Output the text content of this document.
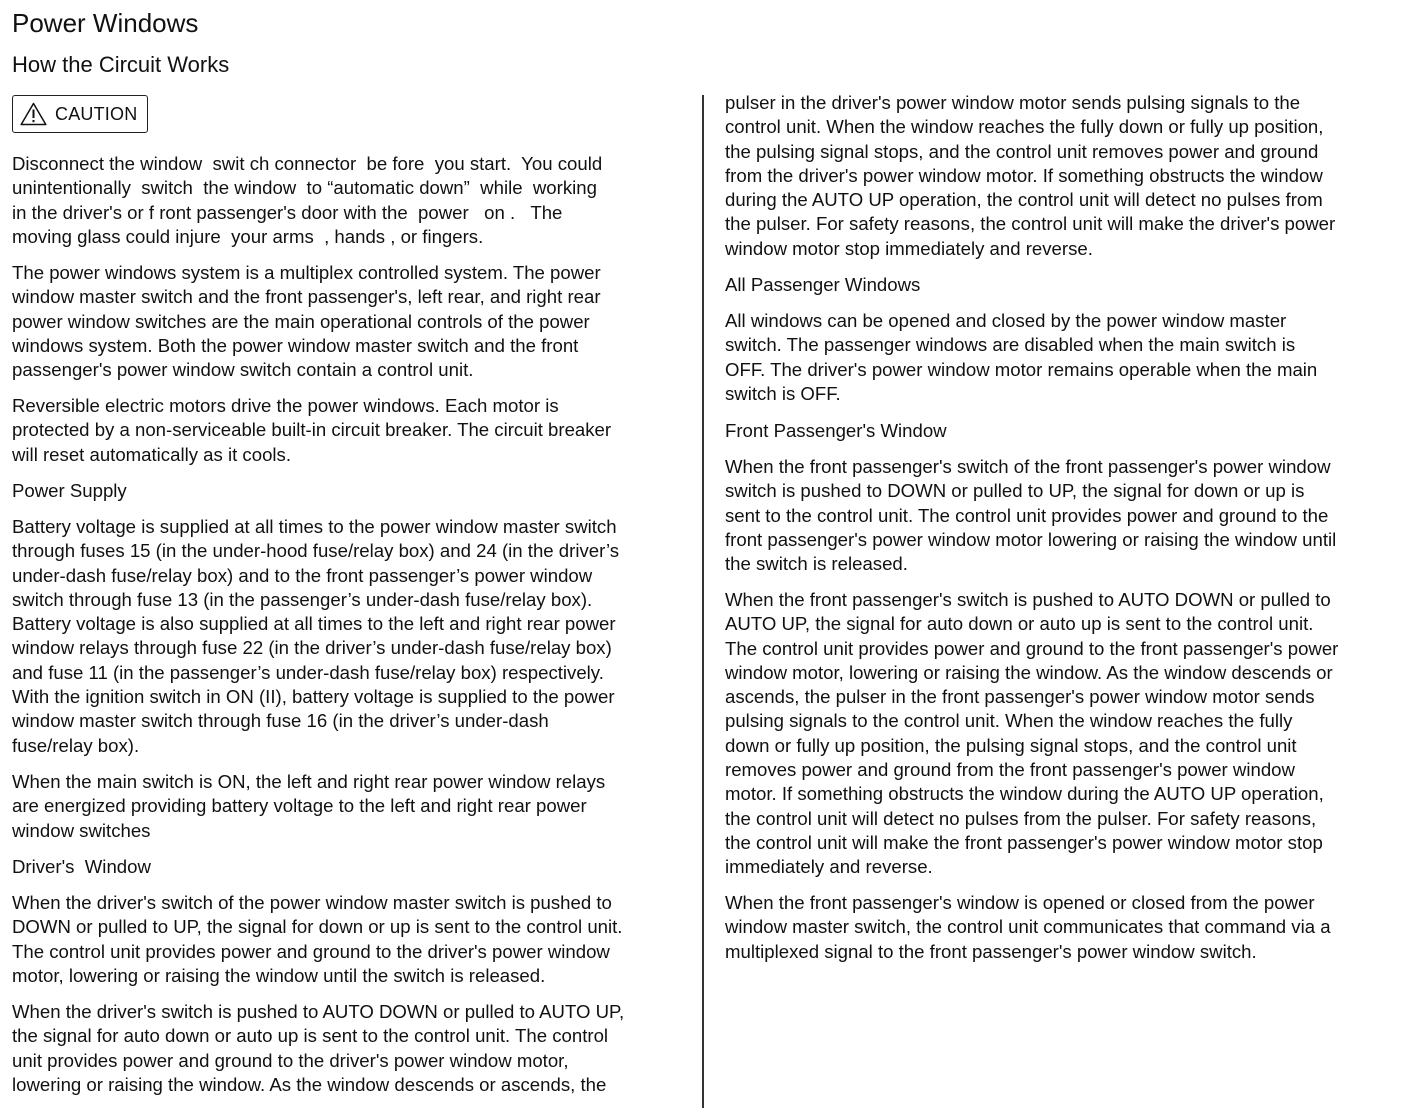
Power Windows
How the Circuit Works
CAUTION

Disconnect the window  swit ch connector  be fore  you start.  You could
unintentionally  switch  the window  to “automatic down”  while  working
in the driver's or f ront passenger's door with the  power   on .   The
moving glass could injure  your arms  , hands , or fingers.

The power windows system is a multiplex controlled system. The power
window master switch and the front passenger's, left rear, and right rear
power window switches are the main operational controls of the power
windows system. Both the power window master switch and the front
passenger's power window switch contain a control unit.

Reversible electric motors drive the power windows. Each motor is
protected by a non-serviceable built-in circuit breaker. The circuit breaker
will reset automatically as it cools.

Power Supply

Battery voltage is supplied at all times to the power window master switch
through fuses 15 (in the under-hood fuse/relay box) and 24 (in the driver’s
under-dash fuse/relay box) and to the front passenger’s power window
switch through fuse 13 (in the passenger’s under-dash fuse/relay box).
Battery voltage is also supplied at all times to the left and right rear power
window relays through fuse 22 (in the driver’s under-dash fuse/relay box)
and fuse 11 (in the passenger’s under-dash fuse/relay box) respectively.
With the ignition switch in ON (II), battery voltage is supplied to the power
window master switch through fuse 16 (in the driver’s under-dash
fuse/relay box).

When the main switch is ON, the left and right rear power window relays
are energized providing battery voltage to the left and right rear power
window switches

Driver's  Window

When the driver's switch of the power window master switch is pushed to
DOWN or pulled to UP, the signal for down or up is sent to the control unit.
The control unit provides power and ground to the driver's power window
motor, lowering or raising the window until the switch is released.

When the driver's switch is pushed to AUTO DOWN or pulled to AUTO UP,
the signal for auto down or auto up is sent to the control unit. The control
unit provides power and ground to the driver's power window motor,
lowering or raising the window. As the window descends or ascends, the

pulser in the driver's power window motor sends pulsing signals to the
control unit. When the window reaches the fully down or fully up position,
the pulsing signal stops, and the control unit removes power and ground
from the driver's power window motor. If something obstructs the window
during the AUTO UP operation, the control unit will detect no pulses from
the pulser. For safety reasons, the control unit will make the driver's power
window motor stop immediately and reverse.

All Passenger Windows

All windows can be opened and closed by the power window master
switch. The passenger windows are disabled when the main switch is
OFF. The driver's power window motor remains operable when the main
switch is OFF.

Front Passenger's Window

When the front passenger's switch of the front passenger's power window
switch is pushed to DOWN or pulled to UP, the signal for down or up is
sent to the control unit. The control unit provides power and ground to the
front passenger's power window motor lowering or raising the window until
the switch is released.

When the front passenger's switch is pushed to AUTO DOWN or pulled to
AUTO UP, the signal for auto down or auto up is sent to the control unit.
The control unit provides power and ground to the front passenger's power
window motor, lowering or raising the window. As the window descends or
ascends, the pulser in the front passenger's power window motor sends
pulsing signals to the control unit. When the window reaches the fully
down or fully up position, the pulsing signal stops, and the control unit
removes power and ground from the front passenger's power window
motor. If something obstructs the window during the AUTO UP operation,
the control unit will detect no pulses from the pulser. For safety reasons,
the control unit will make the front passenger's power window motor stop
immediately and reverse.

When the front passenger's window is opened or closed from the power
window master switch, the control unit communicates that command via a
multiplexed signal to the front passenger's power window switch.
